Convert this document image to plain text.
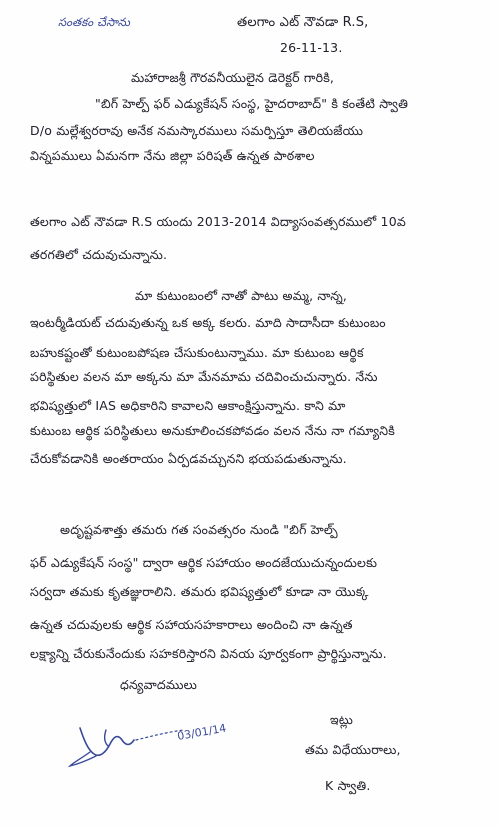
సంతకం చేసాను	తలగాం ఎట్ నౌవడా R.S,
26-11-13.
మహారాజశ్రీ గౌరవనీయులైన డెరెక్టర్ గారికి,
"బిగ్ హెల్ప్ ఫర్ ఎడ్యుకేషన్ సంస్థ, హైదరాబాద్" కి కంతేటి స్వాతి
D/o మల్లేశ్వరరావు అనేక నమస్కారములు సమర్పిస్తూ తెలియజేయు
విన్నపములు ఏమనగా నేను జిల్లా పరిషత్ ఉన్నత పాఠశాల
తలగాం ఎట్ నౌవడా R.S యందు 2013-2014 విద్యాసంవత్సరములో 10వ
తరగతిలో చదువుచున్నాను.
మా కుటుంబంలో నాతో పాటు అమ్మ, నాన్న,
ఇంటర్మీడియట్ చదువుతున్న ఒక అక్క కలరు. మాది సాదాసీదా కుటుంబం
బహుకష్టంతో కుటుంబపోషణ చేసుకుంటున్నాము. మా కుటుంబ ఆర్థిక
పరిస్థితుల వలన మా అక్కను మా మేనమామ చదివించుచున్నారు. నేను
భవిష్యత్తులో IAS అధికారిని కావాలని ఆకాంక్షిస్తున్నాను. కాని మా
కుటుంబ ఆర్థిక పరిస్థితులు అనుకూలించకపోవడం వలన నేను నా గమ్యానికి
చేరుకోవడానికి అంతరాయం ఏర్పడవచ్చునని భయపడుతున్నాను.
అదృష్టవశాత్తు తమరు గత సంవత్సరం నుండి "బిగ్ హెల్ప్
ఫర్ ఎడ్యుకేషన్ సంస్థ" ద్వారా ఆర్థిక సహాయం అందజేయుచున్నందులకు
సర్వదా తమకు కృతజ్ఞురాలిని. తమరు భవిష్యత్తులో కూడా నా యొక్క
ఉన్నత చదువులకు ఆర్థిక సహాయసహకారాలు అందించి నా ఉన్నత
లక్ష్యాన్ని చేరుకునేందుకు సహకరిస్తారని వినయ పూర్వకంగా ప్రార్థిస్తున్నాను.
ధన్యవాదములు
03/01/14
ఇట్లు
తమ విధేయురాలు,
K స్వాతి.
